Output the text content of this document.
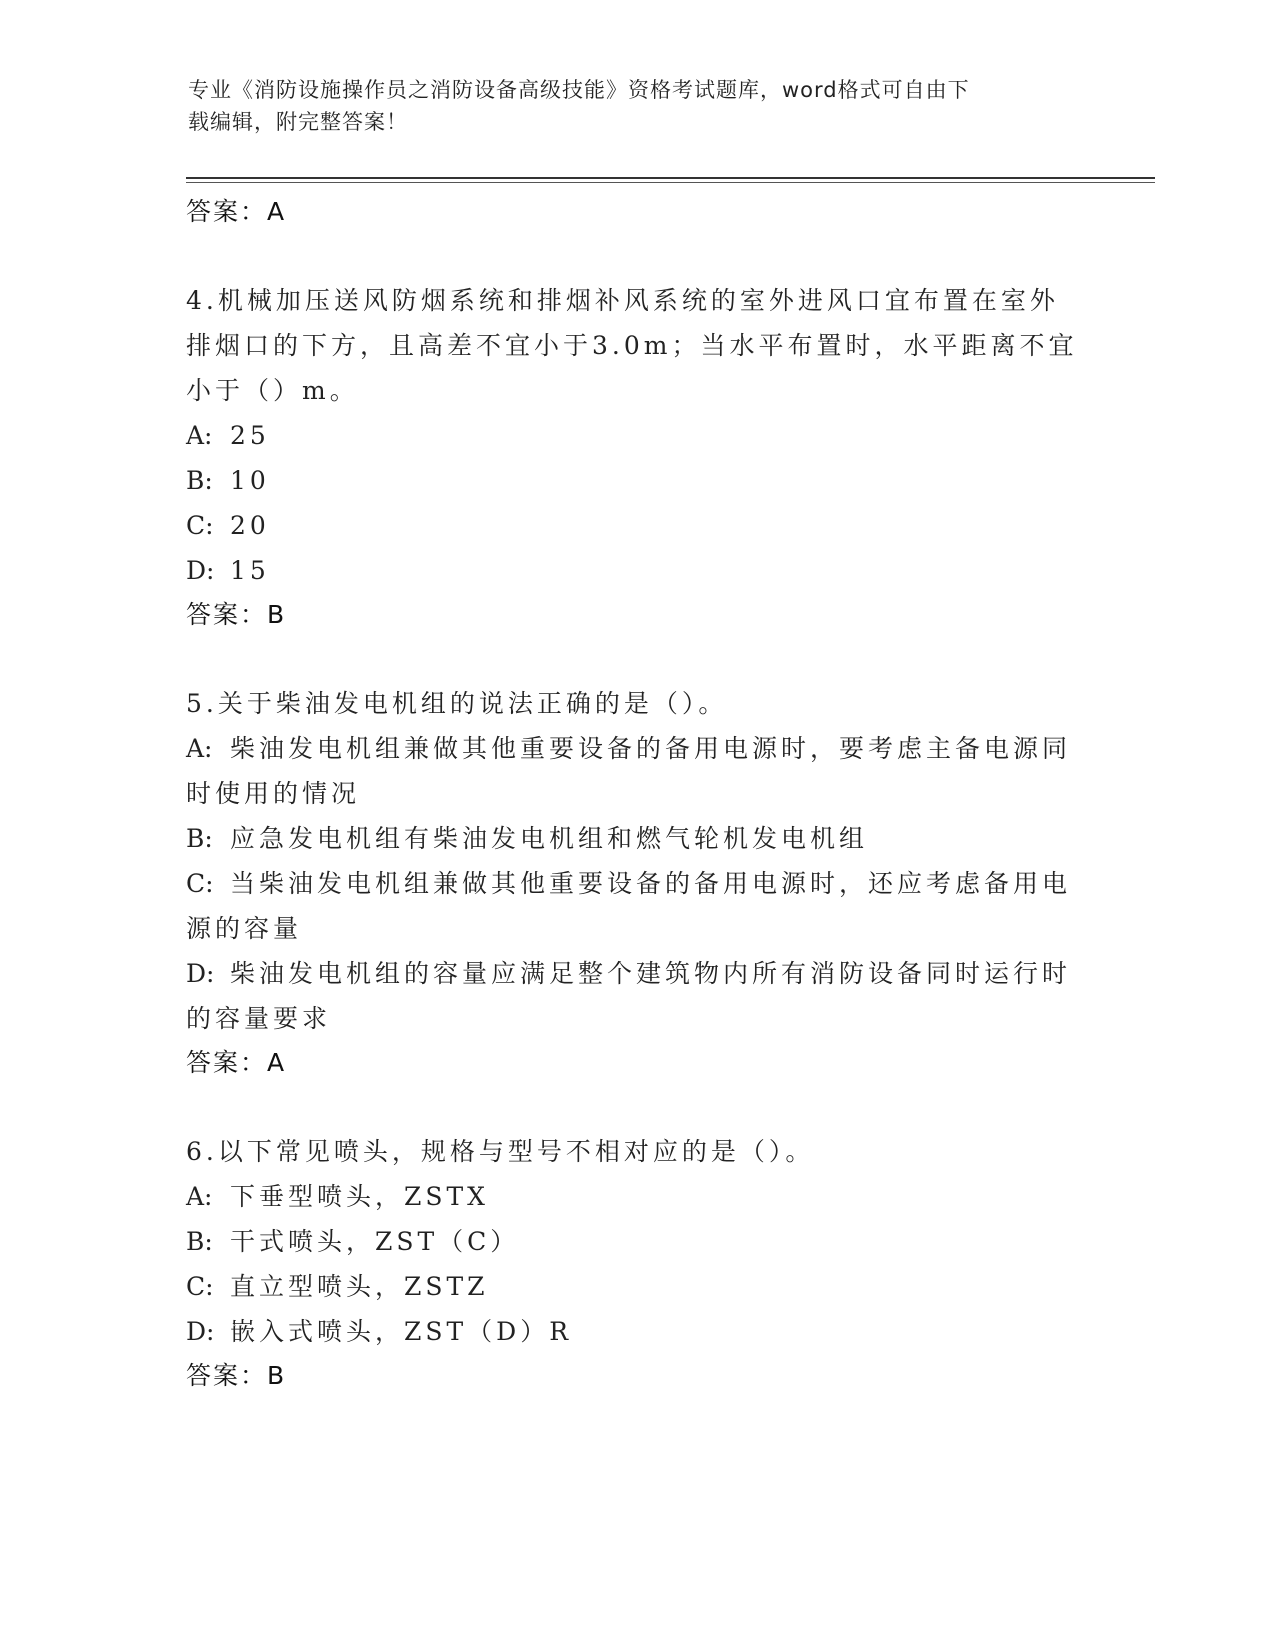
专业《消防设施操作员之消防设备高级技能》资格考试题库，word格式可自由下
载编辑，附完整答案！
答案：A
4.机械加压送风防烟系统和排烟补风系统的室外进风口宜布置在室外排烟口的下方，且高差不宜小于3.0m；当水平布置时，水平距离不宜小于（）m。
A: 25
B: 10
C: 20
D: 15
答案：B
5.关于柴油发电机组的说法正确的是（）。
A: 柴油发电机组兼做其他重要设备的备用电源时，要考虑主备电源同时使用的情况
B: 应急发电机组有柴油发电机组和燃气轮机发电机组
C: 当柴油发电机组兼做其他重要设备的备用电源时，还应考虑备用电源的容量
D: 柴油发电机组的容量应满足整个建筑物内所有消防设备同时运行时的容量要求
答案：A
6.以下常见喷头，规格与型号不相对应的是（）。
A: 下垂型喷头，ZSTX
B: 干式喷头，ZST（C）
C: 直立型喷头，ZSTZ
D: 嵌入式喷头，ZST（D）R
答案：B
